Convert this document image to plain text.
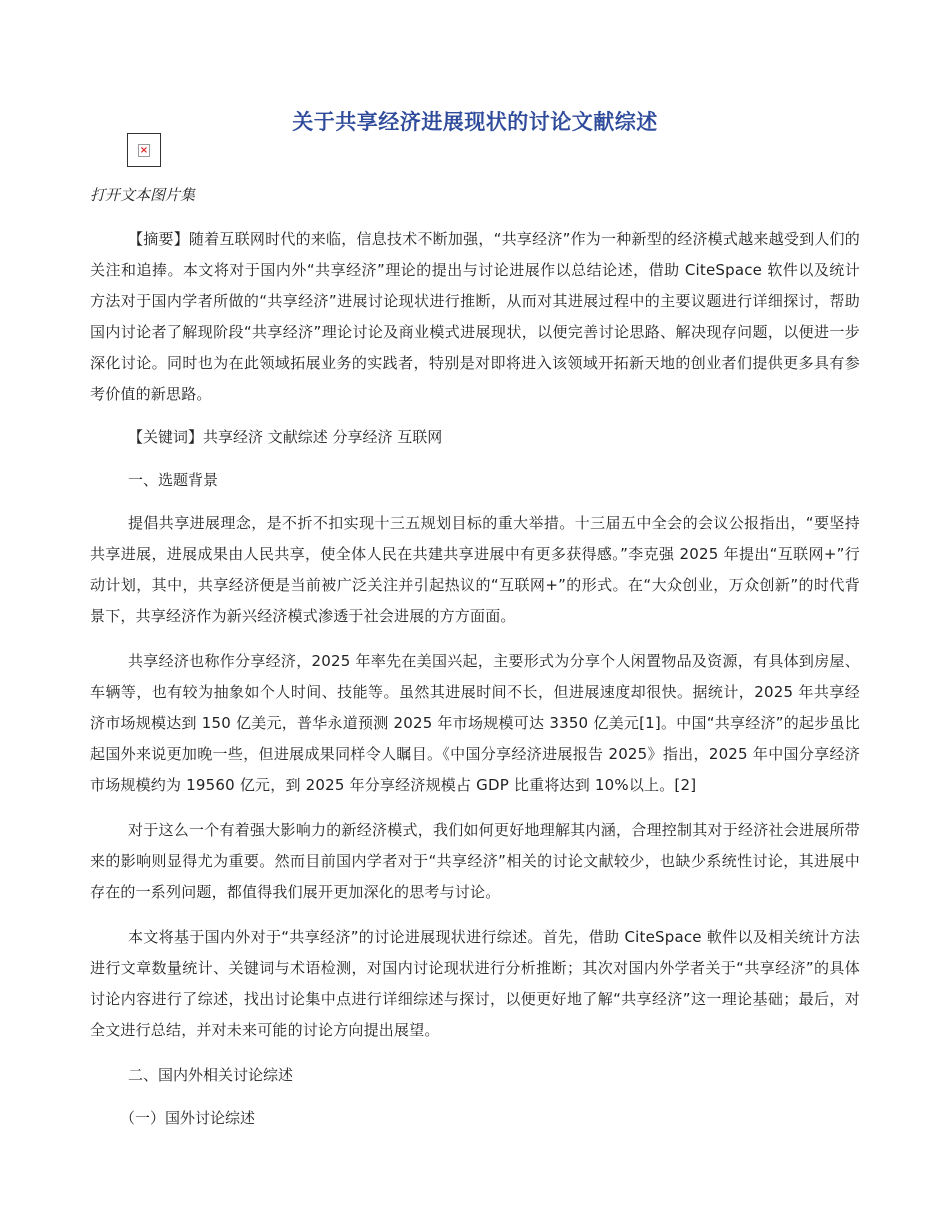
关于共享经济进展现状的讨论文献综述
×
打开文本图片集

【摘要】随着互联网时代的来临，信息技术不断加强，“共享经济”作为一种新型的经济模式越来越受到人们的关注和追捧。本文将对于国内外“共享经济”理论的提出与讨论进展作以总结论述，借助 CiteSpace 软件以及统计方法对于国内学者所做的“共享经济”进展讨论现状进行推断，从而对其进展过程中的主要议题进行详细探讨，帮助国内讨论者了解现阶段“共享经济”理论讨论及商业模式进展现状，以便完善讨论思路、解决现存问题，以便进一步深化讨论。同时也为在此领域拓展业务的实践者，特别是对即将进入该领域开拓新天地的创业者们提供更多具有参考价值的新思路。

【关键词】共享经济 文献综述 分享经济 互联网

一、选题背景

提倡共享进展理念，是不折不扣实现十三五规划目标的重大举措。十三届五中全会的会议公报指出，“要坚持共享进展，进展成果由人民共享，使全体人民在共建共享进展中有更多获得感。”李克强 2025 年提出“互联网+”行动计划，其中，共享经济便是当前被广泛关注并引起热议的“互联网+”的形式。在“大众创业，万众创新”的时代背景下，共享经济作为新兴经济模式渗透于社会进展的方方面面。

共享经济也称作分享经济，2025 年率先在美国兴起，主要形式为分享个人闲置物品及资源，有具体到房屋、车辆等，也有较为抽象如个人时间、技能等。虽然其进展时间不长，但进展速度却很快。据统计，2025 年共享经济市场规模达到 150 亿美元，普华永道预测 2025 年市场规模可达 3350 亿美元[1]。中国“共享经济”的起步虽比起国外来说更加晚一些，但进展成果同样令人瞩目。《中国分享经济进展报告 2025》指出，2025 年中国分享经济市场规模约为 19560 亿元，到 2025 年分享经济规模占 GDP 比重将达到 10%以上。[2]

对于这么一个有着强大影响力的新经济模式，我们如何更好地理解其内涵，合理控制其对于经济社会进展所带来的影响则显得尤为重要。然而目前国内学者对于“共享经济”相关的讨论文献较少，也缺少系统性讨论，其进展中存在的一系列问题，都值得我们展开更加深化的思考与讨论。

本文将基于国内外对于“共享经济”的讨论进展现状进行综述。首先，借助 CiteSpace 軟件以及相关统计方法进行文章数量统计、关键词与术语检测，对国内讨论现状进行分析推断；其次对国内外学者关于“共享经济”的具体讨论内容进行了综述，找出讨论集中点进行详细综述与探讨，以便更好地了解“共享经济”这一理论基础；最后，对全文进行总结，并对未来可能的讨论方向提出展望。

二、国内外相关讨论综述

（一）国外讨论综述
